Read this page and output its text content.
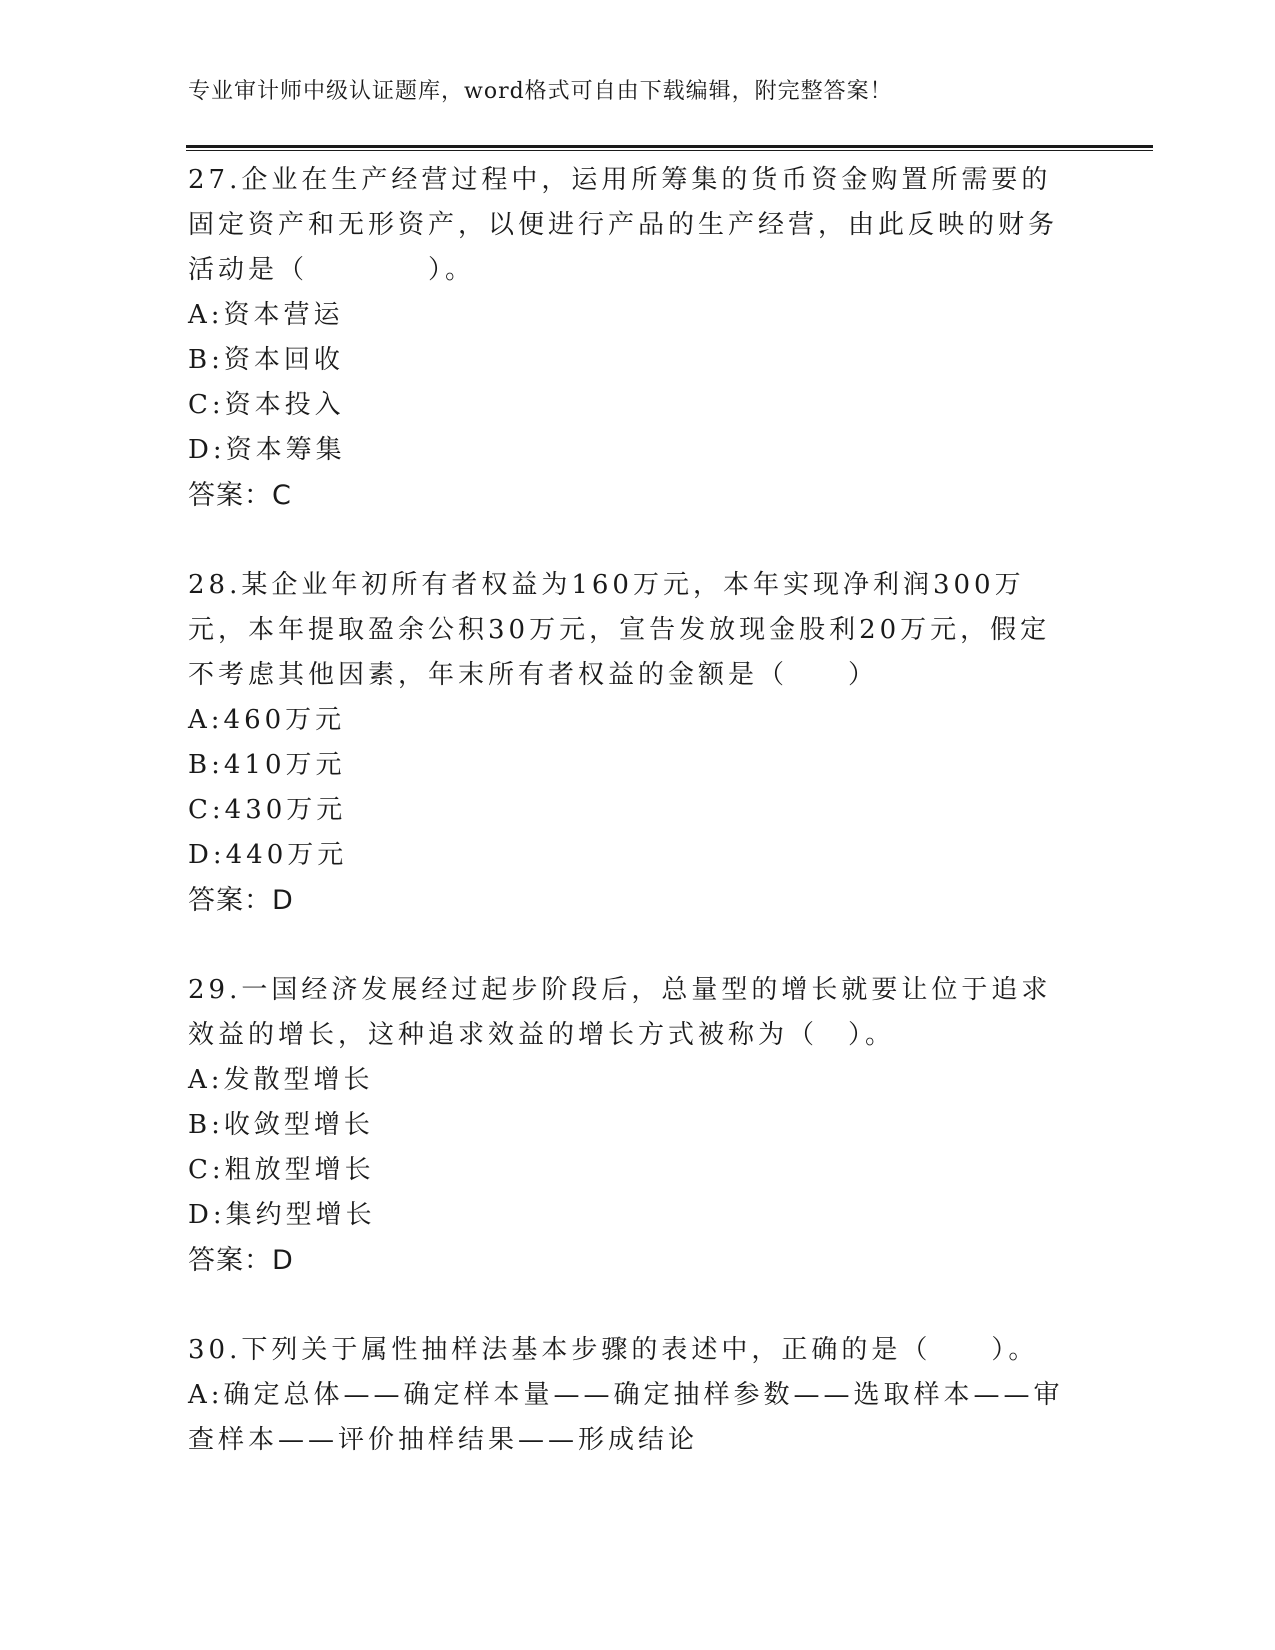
专业审计师中级认证题库，word格式可自由下载编辑，附完整答案！

27.企业在生产经营过程中，运用所筹集的货币资金购置所需要的固定资产和无形资产，以便进行产品的生产经营，由此反映的财务活动是（　　　　）。

A:资本营运

B:资本回收

C:资本投入

D:资本筹集

答案：C

28.某企业年初所有者权益为160万元，本年实现净利润300万元，本年提取盈余公积30万元，宣告发放现金股利20万元，假定不考虑其他因素，年末所有者权益的金额是（　　）

A:460万元

B:410万元

C:430万元

D:440万元

答案：D

29.一国经济发展经过起步阶段后，总量型的增长就要让位于追求效益的增长，这种追求效益的增长方式被称为（　）。

A:发散型增长

B:收敛型增长

C:粗放型增长

D:集约型增长

答案：D

30.下列关于属性抽样法基本步骤的表述中，正确的是（　　）。

A:确定总体——确定样本量——确定抽样参数——选取样本——审查样本——评价抽样结果——形成结论
